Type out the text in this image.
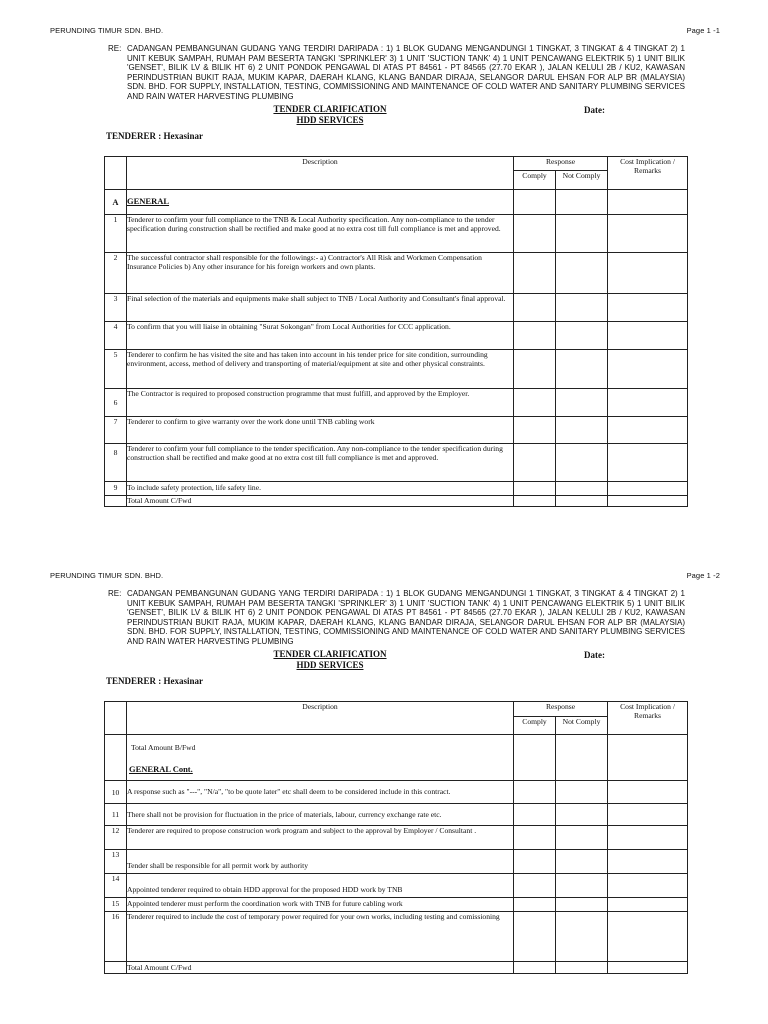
PERUNDING TIMUR SDN. BHD.	Page 1 -1
RE: CADANGAN PEMBANGUNAN GUDANG YANG TERDIRI DARIPADA : 1) 1 BLOK GUDANG MENGANDUNGI 1 TINGKAT, 3 TINGKAT & 4 TINGKAT 2) 1 UNIT KEBUK SAMPAH, RUMAH PAM BESERTA TANGKI 'SPRINKLER' 3) 1 UNIT 'SUCTION TANK' 4) 1 UNIT PENCAWANG ELEKTRIK 5) 1 UNIT BILIK 'GENSET', BILIK LV & BILIK HT 6) 2 UNIT PONDOK PENGAWAL DI ATAS PT 84561 - PT 84565 (27.70 EKAR ), JALAN KELULI 2B / KU2, KAWASAN PERINDUSTRIAN BUKIT RAJA, MUKIM KAPAR, DAERAH KLANG, KLANG BANDAR DIRAJA, SELANGOR DARUL EHSAN FOR ALP BR (MALAYSIA) SDN. BHD. FOR SUPPLY, INSTALLATION, TESTING, COMMISSIONING AND MAINTENANCE OF COLD WATER AND SANITARY PLUMBING SERVICES AND RAIN WATER HARVESTING PLUMBING
TENDER CLARIFICATION
HDD SERVICES
Date:
TENDERER : Hexasinar
	Description	Response		Cost Implication / Remarks
		Comply	Not Comply	
A	GENERAL			
1	Tenderer to confirm your full compliance to the TNB & Local Authority specification. Any non-compliance to the tender specification during construction shall be rectified and make good at no extra cost till full compliance is met and approved.			
2	The successful contractor shall responsible for the followings:- a) Contractor's All Risk and Workmen Compensation Insurance Policies b) Any other insurance for his foreign workers and own plants.			
3	Final selection of the materials and equipments make shall subject to TNB / Local Authority and Consultant's final approval.			
4	To confirm that you will liaise in obtaining "Surat Sokongan" from Local Authorities for CCC application.			
5	Tenderer to confirm he has visited the site and has taken into account in his tender price for site condition, surrounding environment, access, method of delivery and transporting of material/equipment at site and other physical constraints.			
6	The Contractor is required to proposed construction programme that must fulfill, and approved by the Employer.			
7	Tenderer to confirm to give warranty over the work done until TNB cabling work			
8	Tenderer to confirm your full compliance to the tender specification. Any non-compliance to the tender specification during construction shall be rectified and make good at no extra cost till full compliance is met and approved.			
9	To include safety protection, life safety line.			
	Total Amount C/Fwd			
PERUNDING TIMUR SDN. BHD.	Page 1 -2
RE: CADANGAN PEMBANGUNAN GUDANG YANG TERDIRI DARIPADA : 1) 1 BLOK GUDANG MENGANDUNGI 1 TINGKAT, 3 TINGKAT & 4 TINGKAT 2) 1 UNIT KEBUK SAMPAH, RUMAH PAM BESERTA TANGKI 'SPRINKLER' 3) 1 UNIT 'SUCTION TANK' 4) 1 UNIT PENCAWANG ELEKTRIK 5) 1 UNIT BILIK 'GENSET', BILIK LV & BILIK HT 6) 2 UNIT PONDOK PENGAWAL DI ATAS PT 84561 - PT 84565 (27.70 EKAR ), JALAN KELULI 2B / KU2, KAWASAN PERINDUSTRIAN BUKIT RAJA, MUKIM KAPAR, DAERAH KLANG, KLANG BANDAR DIRAJA, SELANGOR DARUL EHSAN FOR ALP BR (MALAYSIA) SDN. BHD. FOR SUPPLY, INSTALLATION, TESTING, COMMISSIONING AND MAINTENANCE OF COLD WATER AND SANITARY PLUMBING SERVICES AND RAIN WATER HARVESTING PLUMBING
TENDER CLARIFICATION
HDD SERVICES
Date:
TENDERER : Hexasinar
	Description	Response		Cost Implication / Remarks
		Comply	Not Comply	

	Total Amount B/Fwd
GENERAL Cont.			

10	A response such as "---", "N/a", "to be quote later" etc shall deem to be considered include in this contract.			
11	There shall not be provision for fluctuation in the price of materials, labour, currency exchange rate etc.			
12	Tenderer are required to propose construcion work program and subject to the approval by Employer / Consultant .			
13	Tender shall be responsible for all permit work by authority			
14	Appointed tenderer required to obtain HDD approval for the proposed HDD work by TNB			
15	Appointed tenderer must perform the coordination work with TNB for future cabling work			
16	Tenderer required to include the cost of temporary power required for your own works, including testing and comissioning			
	Total Amount C/Fwd			
